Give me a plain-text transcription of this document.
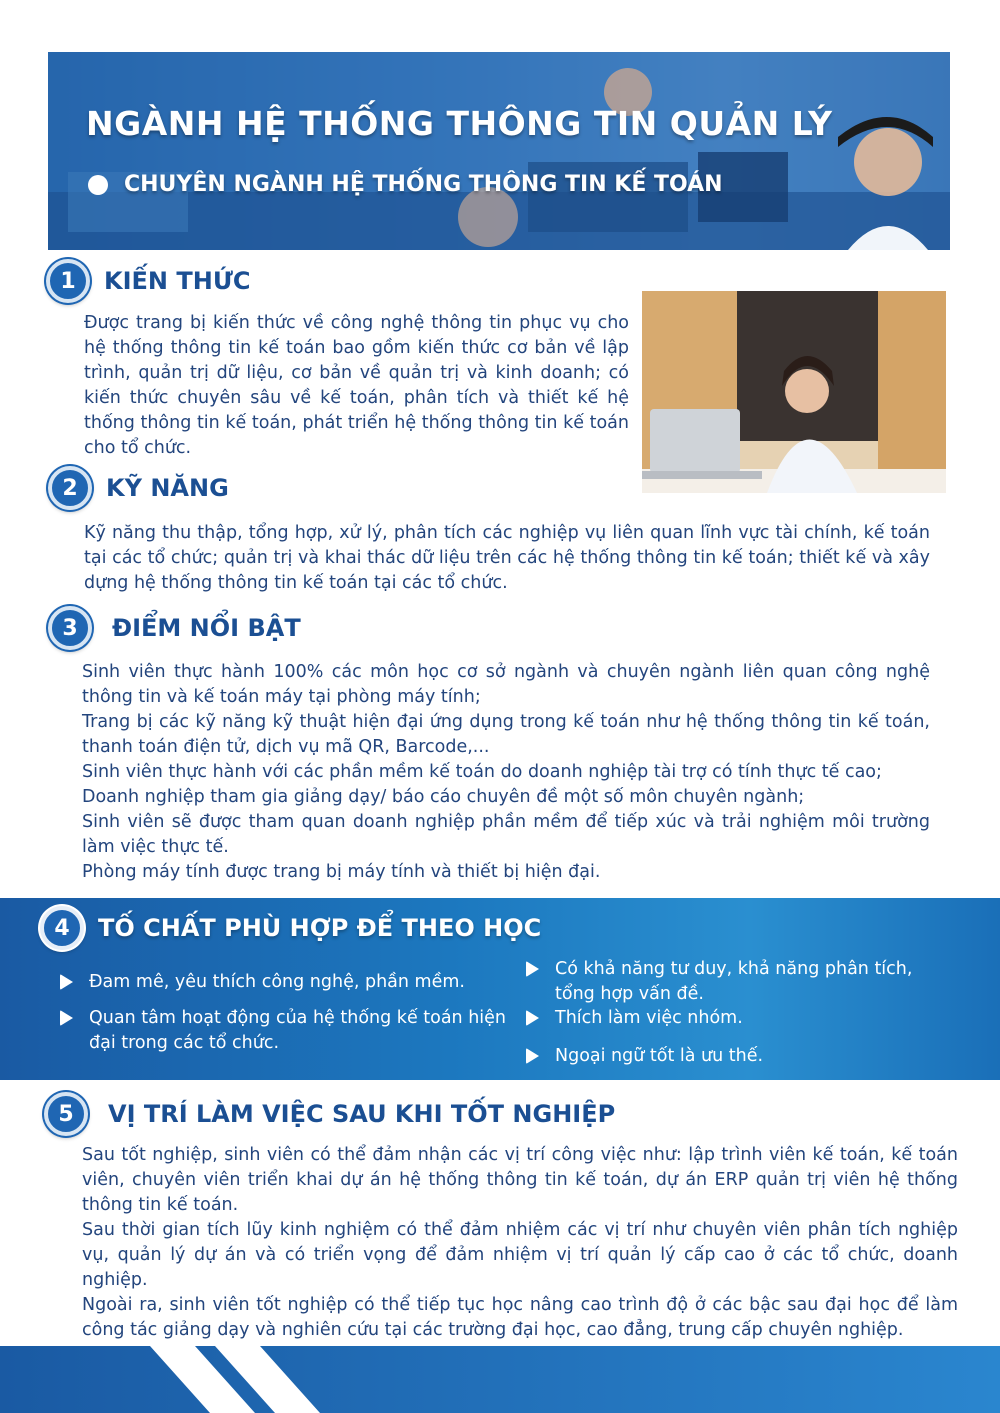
NGÀNH HỆ THỐNG THÔNG TIN QUẢN LÝ
CHUYÊN NGÀNH HỆ THỐNG THÔNG TIN KẾ TOÁN
1	KIẾN THỨC

Được trang bị kiến thức về công nghệ thông tin phục vụ cho hệ thống thông tin kế toán bao gồm kiến thức cơ bản về lập trình, quản trị dữ liệu, cơ bản về quản trị và kinh doanh; có kiến thức chuyên sâu về kế toán, phân tích và thiết kế hệ thống thông tin kế toán, phát triển hệ thống thông tin kế toán cho tổ chức.

2	KỸ NĂNG

Kỹ năng thu thập, tổng hợp, xử lý, phân tích các nghiệp vụ liên quan lĩnh vực tài chính, kế toán tại các tổ chức; quản trị và khai thác dữ liệu trên các hệ thống thông tin kế toán; thiết kế và xây dựng hệ thống thông tin kế toán tại các tổ chức.

3	ĐIỂM NỔI BẬT

Sinh viên thực hành 100% các môn học cơ sở ngành và chuyên ngành liên quan công nghệ thông tin và kế toán máy tại phòng máy tính;

Trang bị các kỹ năng kỹ thuật hiện đại ứng dụng trong kế toán như hệ thống thông tin kế toán, thanh toán điện tử, dịch vụ mã QR, Barcode,...

Sinh viên thực hành với các phần mềm kế toán do doanh nghiệp tài trợ có tính thực tế cao;

Doanh nghiệp tham gia giảng dạy/ báo cáo chuyên đề một số môn chuyên ngành;

Sinh viên sẽ được tham quan doanh nghiệp phần mềm để tiếp xúc và trải nghiệm môi trường làm việc thực tế.

Phòng máy tính được trang bị máy tính và thiết bị hiện đại.

4	TỐ CHẤT PHÙ HỢP ĐỂ THEO HỌC
Đam mê, yêu thích công nghệ, phần mềm.
Quan tâm hoạt động của hệ thống kế toán hiện đại trong các tổ chức.
Có khả năng tư duy, khả năng phân tích, tổng hợp vấn đề.
Thích làm việc nhóm.
Ngoại ngữ tốt là ưu thế.
5	VỊ TRÍ LÀM VIỆC SAU KHI TỐT NGHIỆP

Sau tốt nghiệp, sinh viên có thể đảm nhận các vị trí công việc như: lập trình viên kế toán, kế toán viên, chuyên viên triển khai dự án hệ thống thông tin kế toán, dự án ERP quản trị viên hệ thống thông tin kế toán.

Sau thời gian tích lũy kinh nghiệm có thể đảm nhiệm các vị trí như chuyên viên phân tích nghiệp vụ, quản lý dự án và có triển vọng để đảm nhiệm vị trí quản lý cấp cao ở các tổ chức, doanh nghiệp.

Ngoài ra, sinh viên tốt nghiệp có thể tiếp tục học nâng cao trình độ ở các bậc sau đại học để làm công tác giảng dạy và nghiên cứu tại các trường đại học, cao đẳng, trung cấp chuyên nghiệp.
